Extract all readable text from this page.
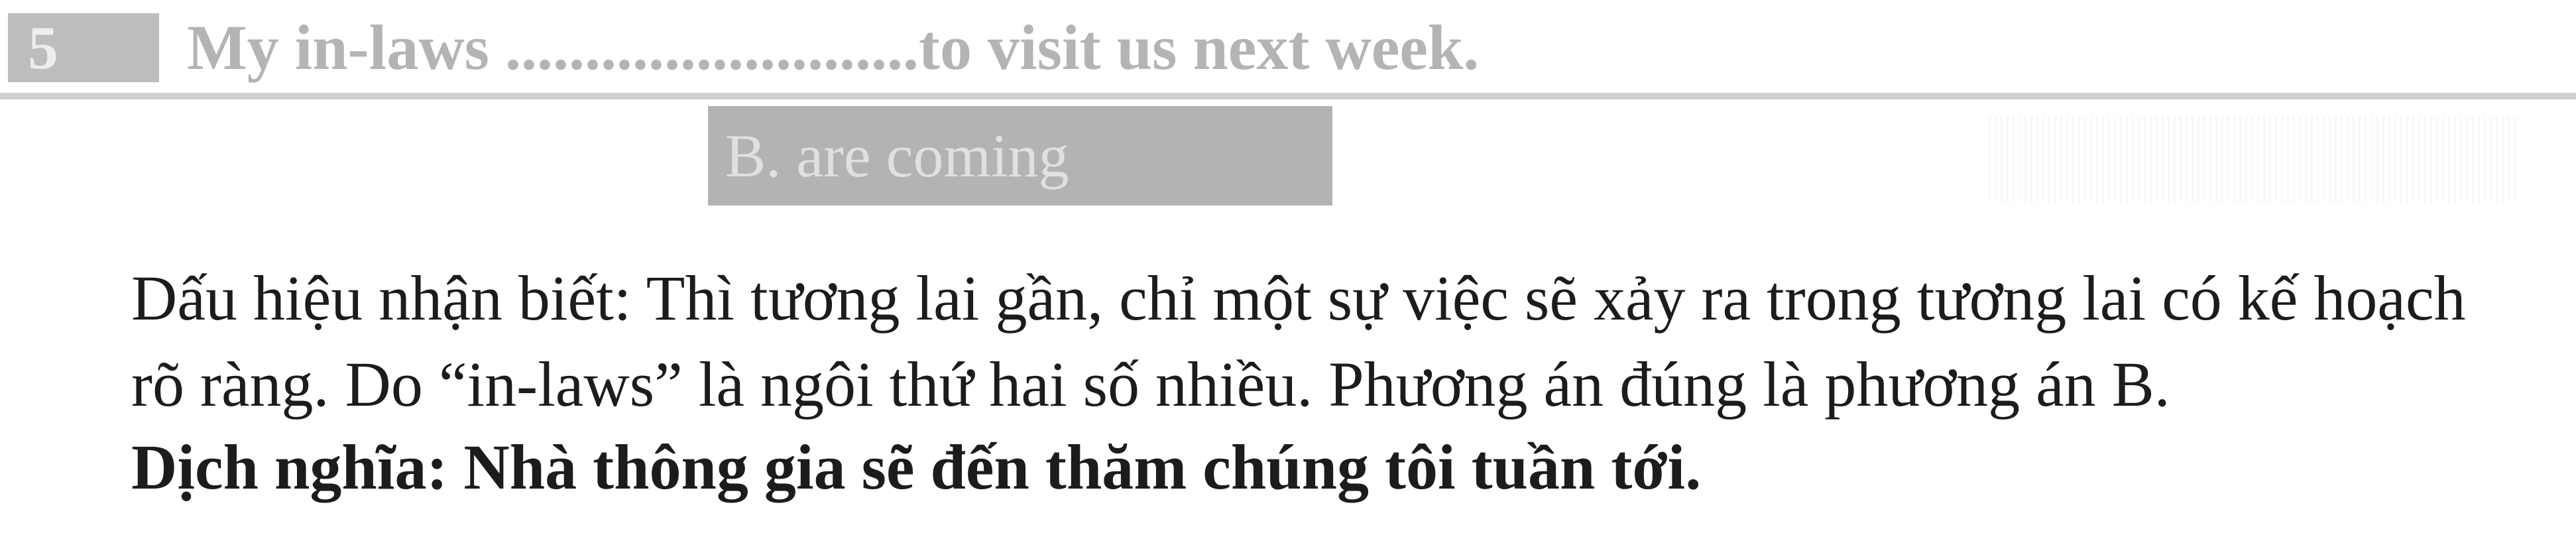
5	My in-laws ..........................to visit us next week.
B. are coming
Dấu hiệu nhận biết: Thì tương lai gần, chỉ một sự việc sẽ xảy ra trong tương lai có kế hoạch
rõ ràng. Do “in-laws” là ngôi thứ hai số nhiều. Phương án đúng là phương án B.
Dịch nghĩa: Nhà thông gia sẽ đến thăm chúng tôi tuần tới.
